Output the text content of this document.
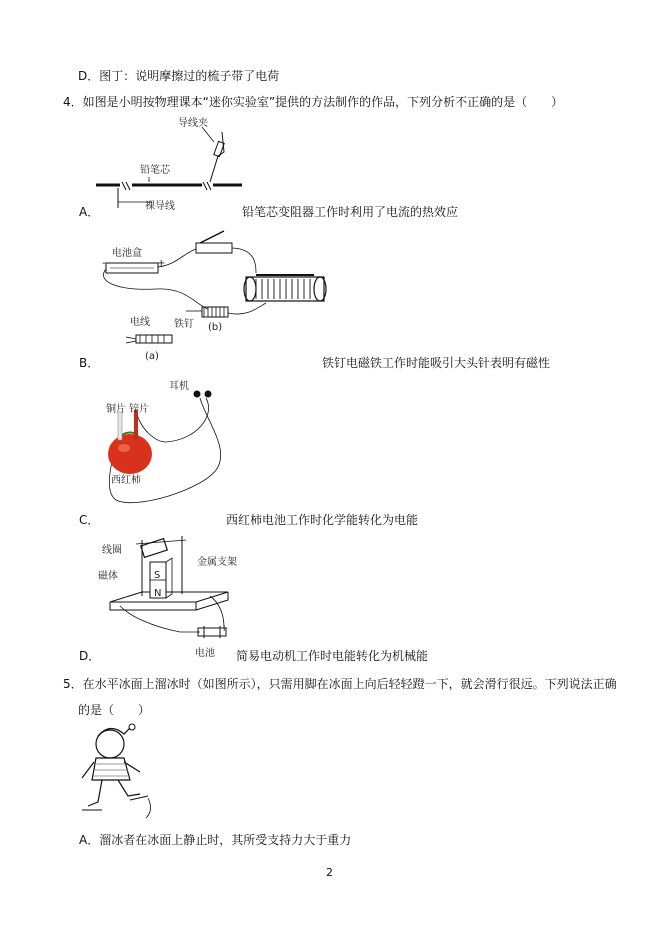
D．图丁：说明摩擦过的梳子带了电荷
4．如图是小明按物理课本“迷你实验室”提供的方法制作的作品，下列分析不正确的是（　　）
导线夹
铅笔芯
裸导线
A．	铅笔芯变阻器工作时利用了电流的热效应
电池盒
-	+
电线 铁钉 (b)
(a)
B．	铁钉电磁铁工作时能吸引大头针表明有磁性
耳机
铜片 锌片
西红柿
C．	西红柿电池工作时化学能转化为电能
线圈
金属支架
磁体	S
N
- +
电池
D．	简易电动机工作时电能转化为机械能
5．在水平冰面上溜冰时（如图所示），只需用脚在冰面上向后轻轻蹬一下，就会滑行很远。下列说法正确
的是（　　）
A．溜冰者在冰面上静止时，其所受支持力大于重力
2
